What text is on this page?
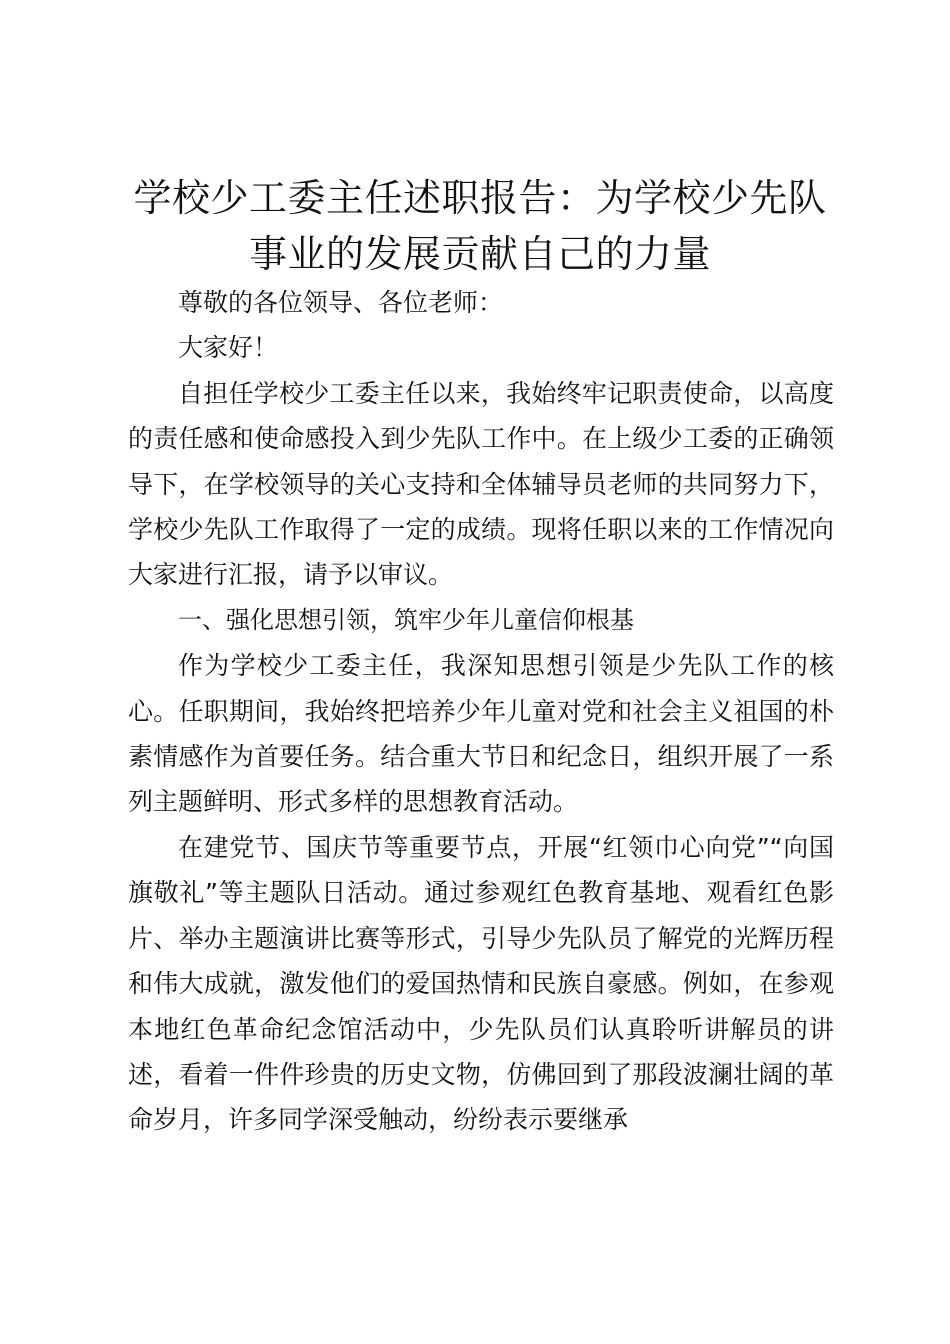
学校少工委主任述职报告：为学校少先队事业的发展贡献自己的力量

尊敬的各位领导、各位老师：

大家好！

自担任学校少工委主任以来，我始终牢记职责使命，以高度的责任感和使命感投入到少先队工作中。在上级少工委的正确领导下，在学校领导的关心支持和全体辅导员老师的共同努力下，学校少先队工作取得了一定的成绩。现将任职以来的工作情况向大家进行汇报，请予以审议。

一、强化思想引领，筑牢少年儿童信仰根基

作为学校少工委主任，我深知思想引领是少先队工作的核心。任职期间，我始终把培养少年儿童对党和社会主义祖国的朴素情感作为首要任务。结合重大节日和纪念日，组织开展了一系列主题鲜明、形式多样的思想教育活动。

在建党节、国庆节等重要节点，开展“红领巾心向党”“向国旗敬礼”等主题队日活动。通过参观红色教育基地、观看红色影片、举办主题演讲比赛等形式，引导少先队员了解党的光辉历程和伟大成就，激发他们的爱国热情和民族自豪感。例如，在参观本地红色革命纪念馆活动中，少先队员们认真聆听讲解员的讲述，看着一件件珍贵的历史文物，仿佛回到了那段波澜壮阔的革命岁月，许多同学深受触动，纷纷表示要继承
